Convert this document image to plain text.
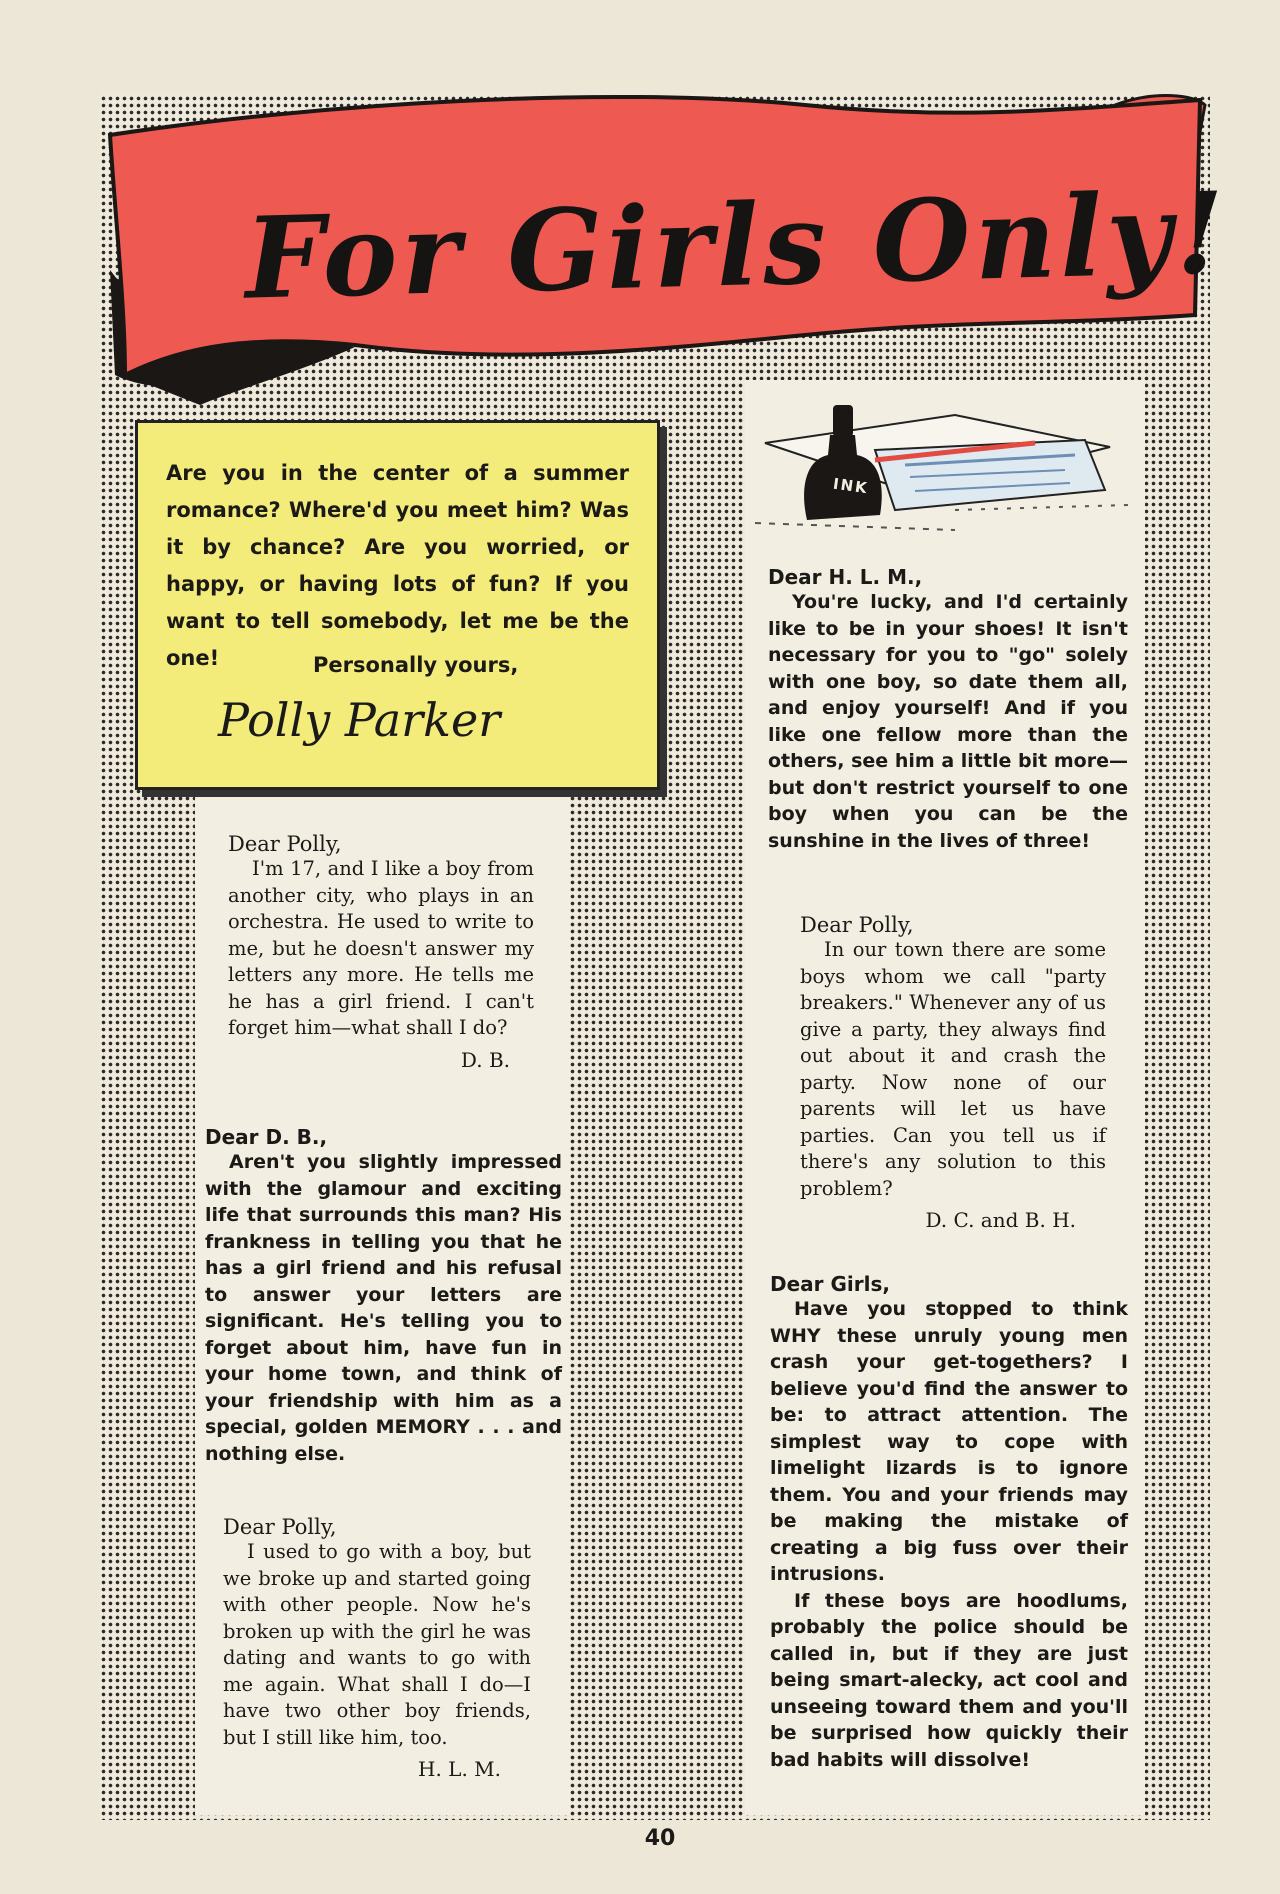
For Girls Only!

Are you in the center of a summer romance? Where'd you meet him? Was it by chance? Are you worried, or happy, or having lots of fun? If you want to tell somebody, let me be the one!	Personally yours,
Polly Parker
INK

Dear Polly,

I'm 17, and I like a boy from another city, who plays in an orchestra. He used to write to me, but he doesn't answer my letters any more. He tells me he has a girl friend. I can't forget him—what shall I do?

D. B.

Dear D. B.,

Aren't you slightly impressed with the glamour and exciting life that surrounds this man? His frankness in telling you that he has a girl friend and his refusal to answer your letters are significant. He's telling you to forget about him, have fun in your home town, and think of your friendship with him as a special, golden MEMORY . . . and nothing else.

Dear Polly,

I used to go with a boy, but we broke up and started going with other people. Now he's broken up with the girl he was dating and wants to go with me again. What shall I do—I have two other boy friends, but I still like him, too.

H. L. M.

Dear H. L. M.,

You're lucky, and I'd certainly like to be in your shoes! It isn't necessary for you to "go" solely with one boy, so date them all, and enjoy yourself! And if you like one fellow more than the others, see him a little bit more—but don't restrict yourself to one boy when you can be the sunshine in the lives of three!

Dear Polly,

In our town there are some boys whom we call "party breakers." Whenever any of us give a party, they always find out about it and crash the party. Now none of our parents will let us have parties. Can you tell us if there's any solution to this problem?

D. C. and B. H.

Dear Girls,

Have you stopped to think WHY these unruly young men crash your get-togethers? I believe you'd find the answer to be: to attract attention. The simplest way to cope with limelight lizards is to ignore them. You and your friends may be making the mistake of creating a big fuss over their intrusions.

If these boys are hoodlums, probably the police should be called in, but if they are just being smart-alecky, act cool and unseeing toward them and you'll be surprised how quickly their bad habits will dissolve!

40
